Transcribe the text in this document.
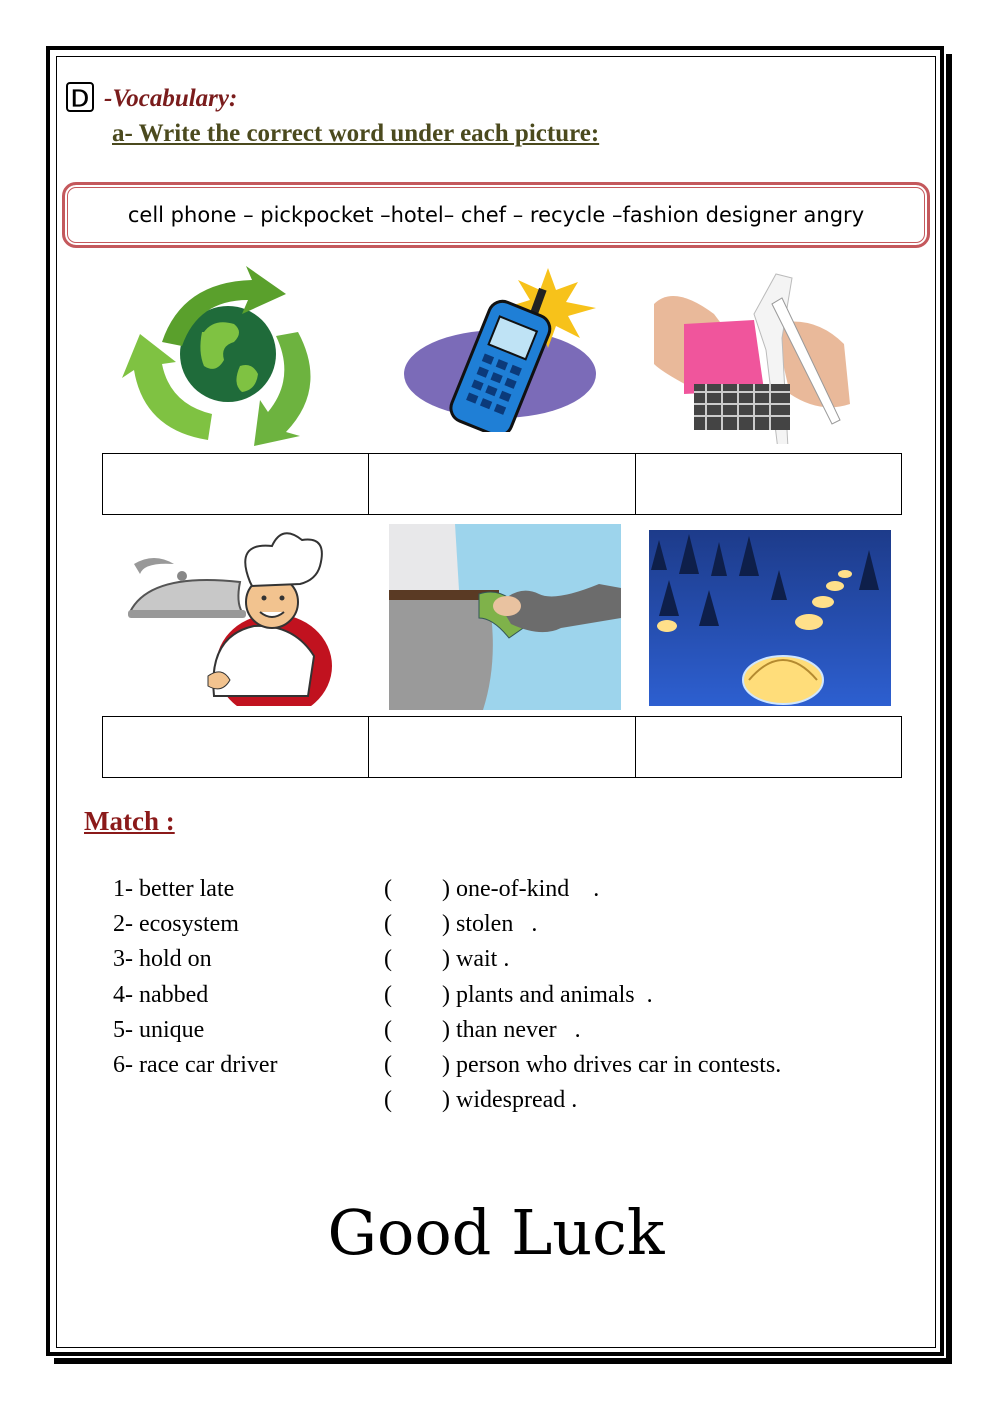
D -Vocabulary:
a- Write the correct word under each picture:
cell phone – pickpocket –hotel– chef – recycle –fashion designer angry
Match :
1- better late	( ) one-of-kind    .
2- ecosystem	( ) stolen   .
3- hold on	( ) wait .
4- nabbed	( ) plants and animals  .
5- unique	( ) than never   .
6- race car driver	( ) person who drives car in contests.
( ) widespread .
Good Luck
